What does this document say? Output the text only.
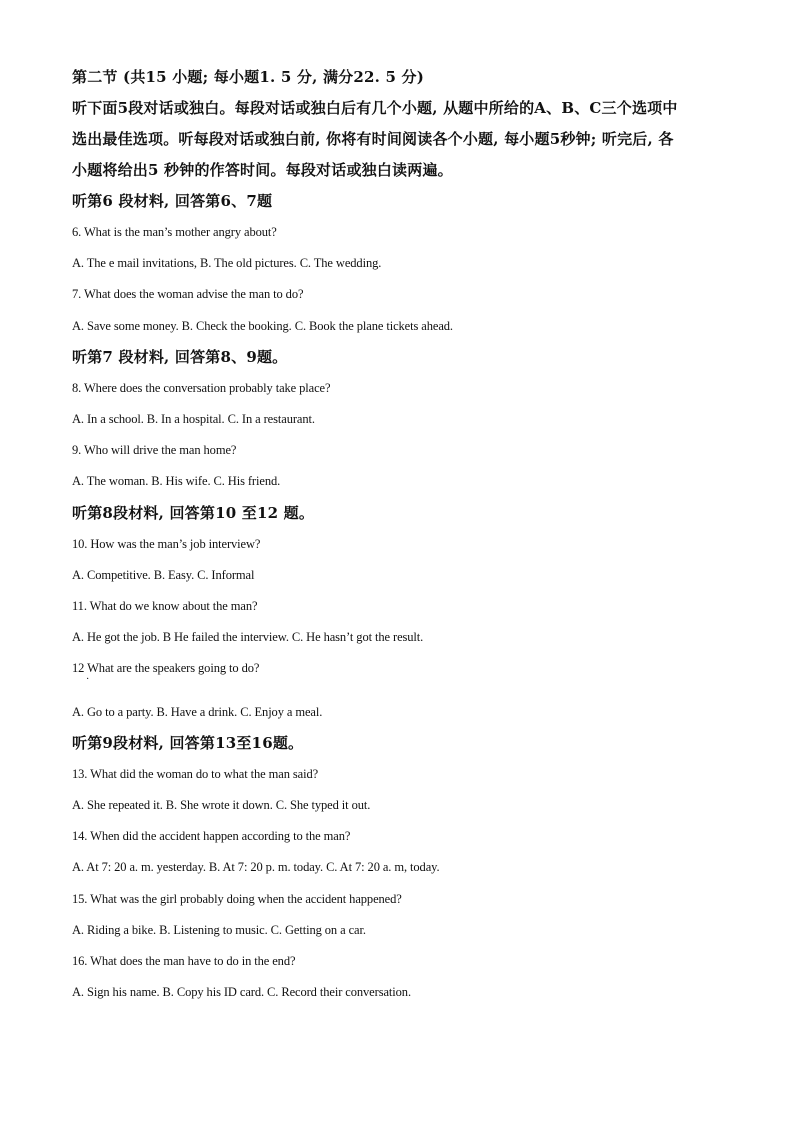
第二节 (共15 小题; 每小题1. 5 分, 满分22. 5 分)
听下面5段对话或独白。每段对话或独白后有几个小题, 从题中所给的A、B、C三个选项中
选出最佳选项。听每段对话或独白前, 你将有时间阅读各个小题, 每小题5秒钟; 听完后, 各
小题将给出5 秒钟的作答时间。每段对话或独白读两遍。
听第6 段材料, 回答第6、7题
6. What is the man’s mother angry about?
A. The e mail invitations, B. The old pictures. C. The wedding.
7. What does the woman advise the man to do?
A. Save some money. B. Check the booking. C. Book the plane tickets ahead.
听第7 段材料, 回答第8、9题。
8. Where does the conversation probably take place?
A. In a school. B. In a hospital. C. In a restaurant.
9. Who will drive the man home?
A. The woman. B. His wife. C. His friend.
听第8段材料, 回答第10 至12 题。
10. How was the man’s job interview?
A. Competitive. B. Easy. C. Informal
11. What do we know about the man?
A. He got the job. B He failed the interview. C. He hasn’t got the result.
12 What are the speakers going to do?
·
A. Go to a party. B. Have a drink. C. Enjoy a meal.
听第9段材料, 回答第13至16题。
13. What did the woman do to what the man said?
A. She repeated it. B. She wrote it down. C. She typed it out.
14. When did the accident happen according to the man?
A. At 7: 20 a. m. yesterday. B. At 7: 20 p. m. today. C. At 7: 20 a. m, today.
15. What was the girl probably doing when the accident happened?
A. Riding a bike. B. Listening to music. C. Getting on a car.
16. What does the man have to do in the end?
A. Sign his name. B. Copy his ID card. C. Record their conversation.
